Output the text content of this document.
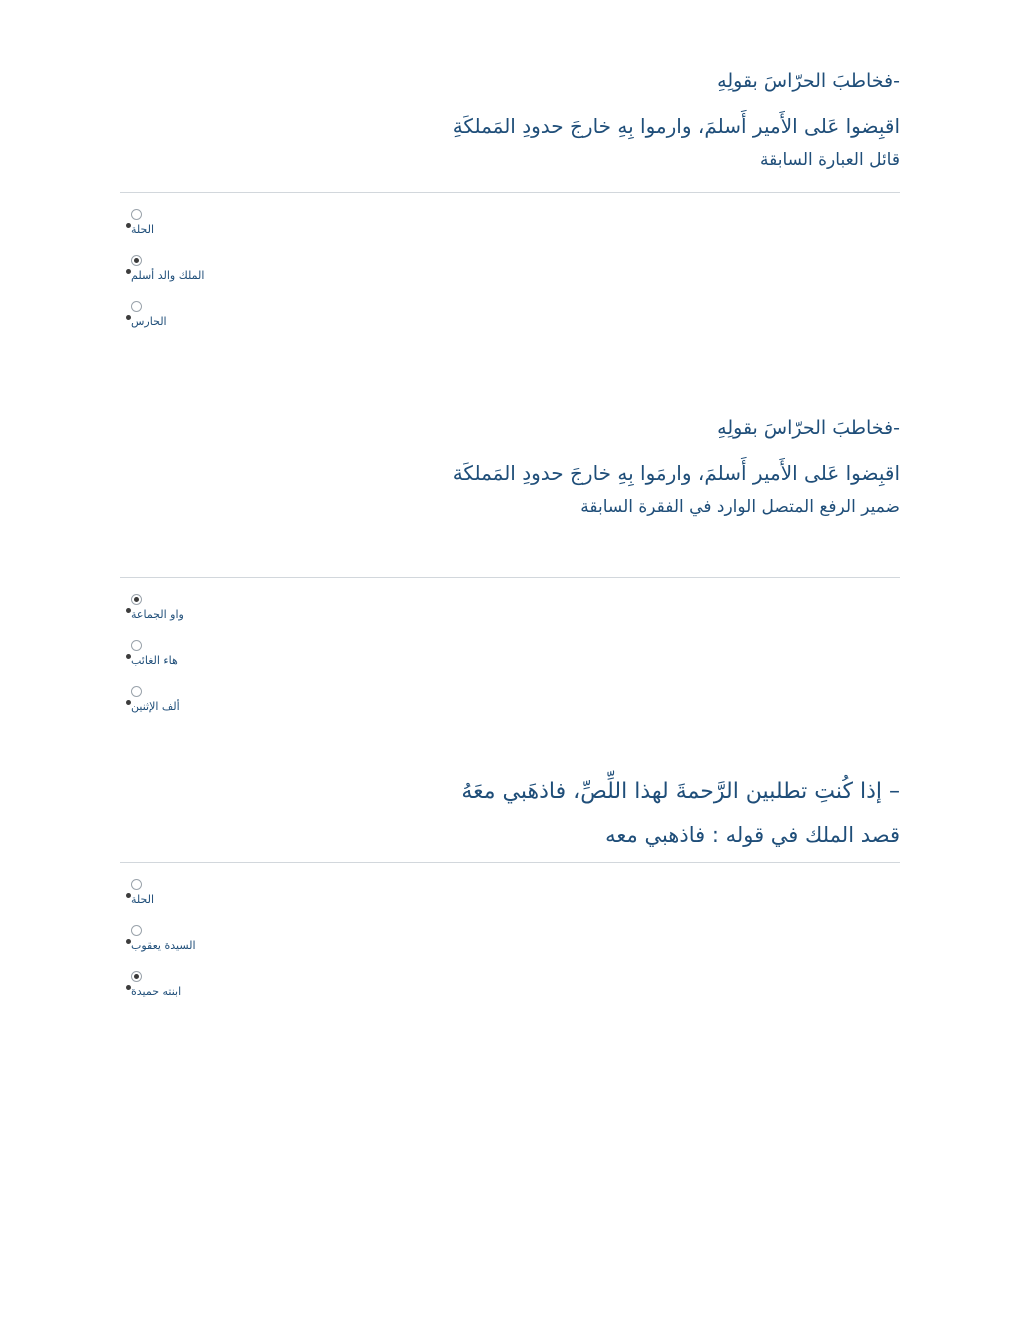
-فخاطبَ الحرّاسَ بقولِهِ

اقبِضوا عَلى الأَمير أَسلمَ، وارموا بِهِ خارجَ حدودِ المَملكَةِ

قائل العبارة السابقة

الحلة
الملك والد أسلم
الحارس

-فخاطبَ الحرّاسَ بقولِهِ

اقبِضوا عَلى الأَمير أَسلمَ، وارمَوا بِهِ خارجَ حدودِ المَملكَة

ضمير الرفع المتصل الوارد في الفقرة السابقة

واو الجماعة
هاء الغائب
ألف الإثنين

– إذا كُنتِ تطلبين الرَّحمةَ لهذا اللِّصِّ، فاذهَبي معَهُ

قصد الملك في قوله : فاذهبي معه

الحلة
السيدة يعقوب
ابنته حميدة
